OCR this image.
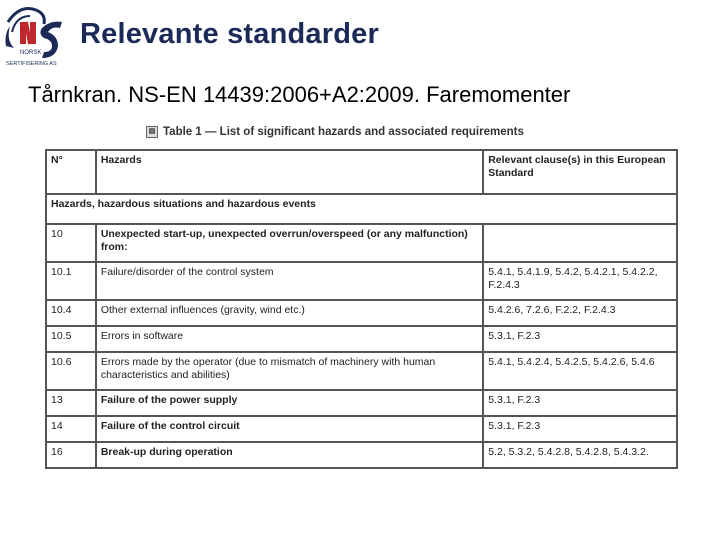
NORSK
SERTIFISERING AS
Relevante standarder
Tårnkran. NS-EN 14439:2006+A2:2009. Faremomenter
▤ Table 1 — List of significant hazards and associated requirements
N°	Hazards	Relevant clause(s) in this European Standard
Hazards, hazardous situations and hazardous events		
10	Unexpected start-up, unexpected overrun/overspeed (or any malfunction) from:	
10.1	Failure/disorder of the control system	5.4.1, 5.4.1.9, 5.4.2, 5.4.2.1, 5.4.2.2, F.2.4.3
10.4	Other external influences (gravity, wind etc.)	5.4.2.6, 7.2.6, F.2.2, F.2.4.3
10.5	Errors in software	5.3.1, F.2.3
10.6	Errors made by the operator (due to mismatch of machinery with human characteristics and abilities)	5.4.1, 5.4.2.4, 5.4.2.5, 5.4.2.6, 5.4.6
13	Failure of the power supply	5.3.1, F.2.3
14	Failure of the control circuit	5.3.1, F.2.3
16	Break-up during operation	5.2, 5.3.2, 5.4.2.8, 5.4.2.8, 5.4.3.2.
